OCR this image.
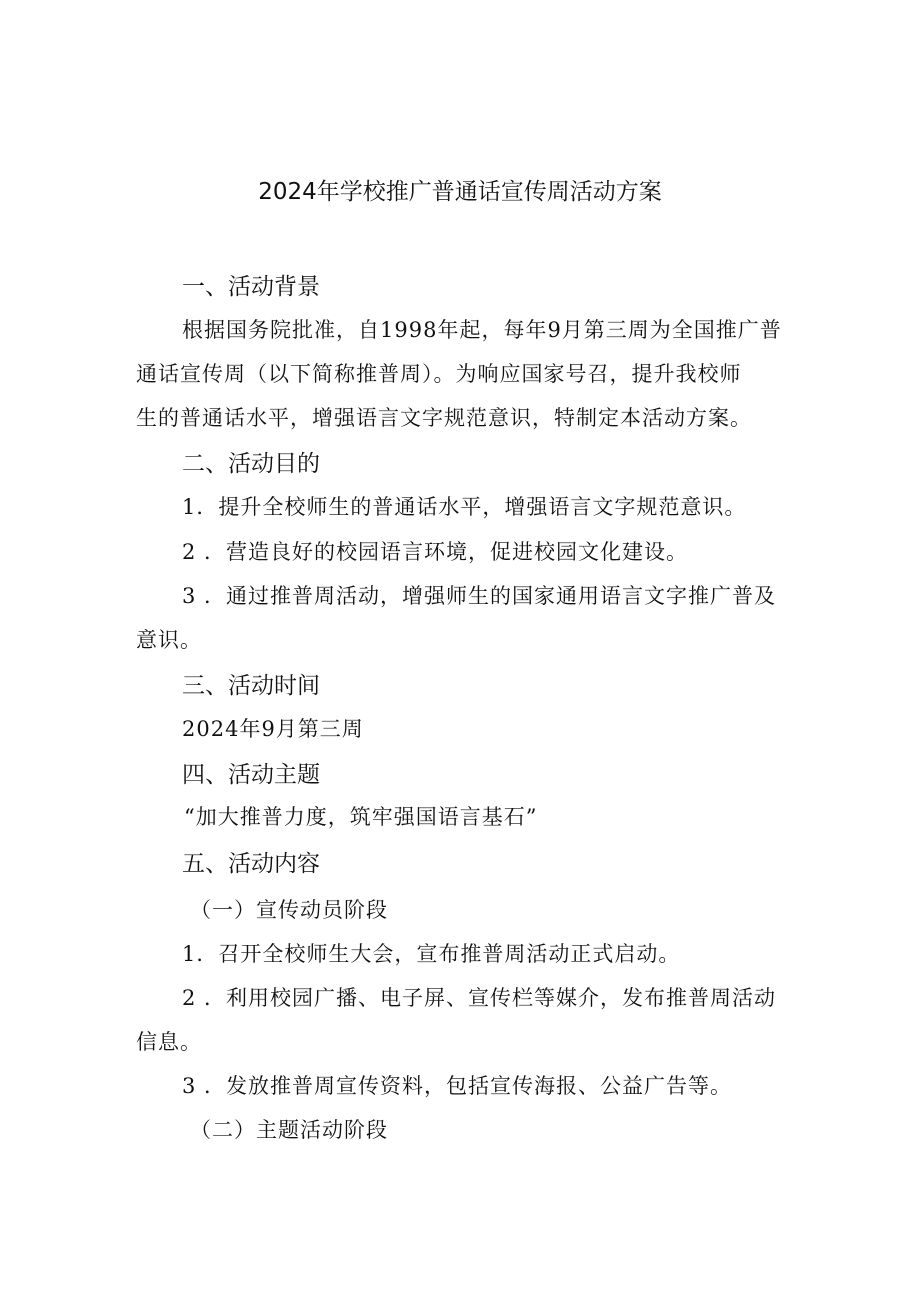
2024年学校推广普通话宣传周活动方案
一、活动背景
根据国务院批准，自1998年起，每年9月第三周为全国推广普
通话宣传周（以下简称推普周）。为响应国家号召，提升我校师
生的普通话水平，增强语言文字规范意识，特制定本活动方案。
二、活动目的
1．提升全校师生的普通话水平，增强语言文字规范意识。
2 ．营造良好的校园语言环境，促进校园文化建设。
3 ．通过推普周活动，增强师生的国家通用语言文字推广普及
意识。
三、活动时间
2024年9月第三周
四、活动主题
“加大推普力度，筑牢强国语言基石”
五、活动内容
（一）宣传动员阶段
1．召开全校师生大会，宣布推普周活动正式启动。
2 ．利用校园广播、电子屏、宣传栏等媒介，发布推普周活动
信息。
3 ．发放推普周宣传资料，包括宣传海报、公益广告等。
（二）主题活动阶段
